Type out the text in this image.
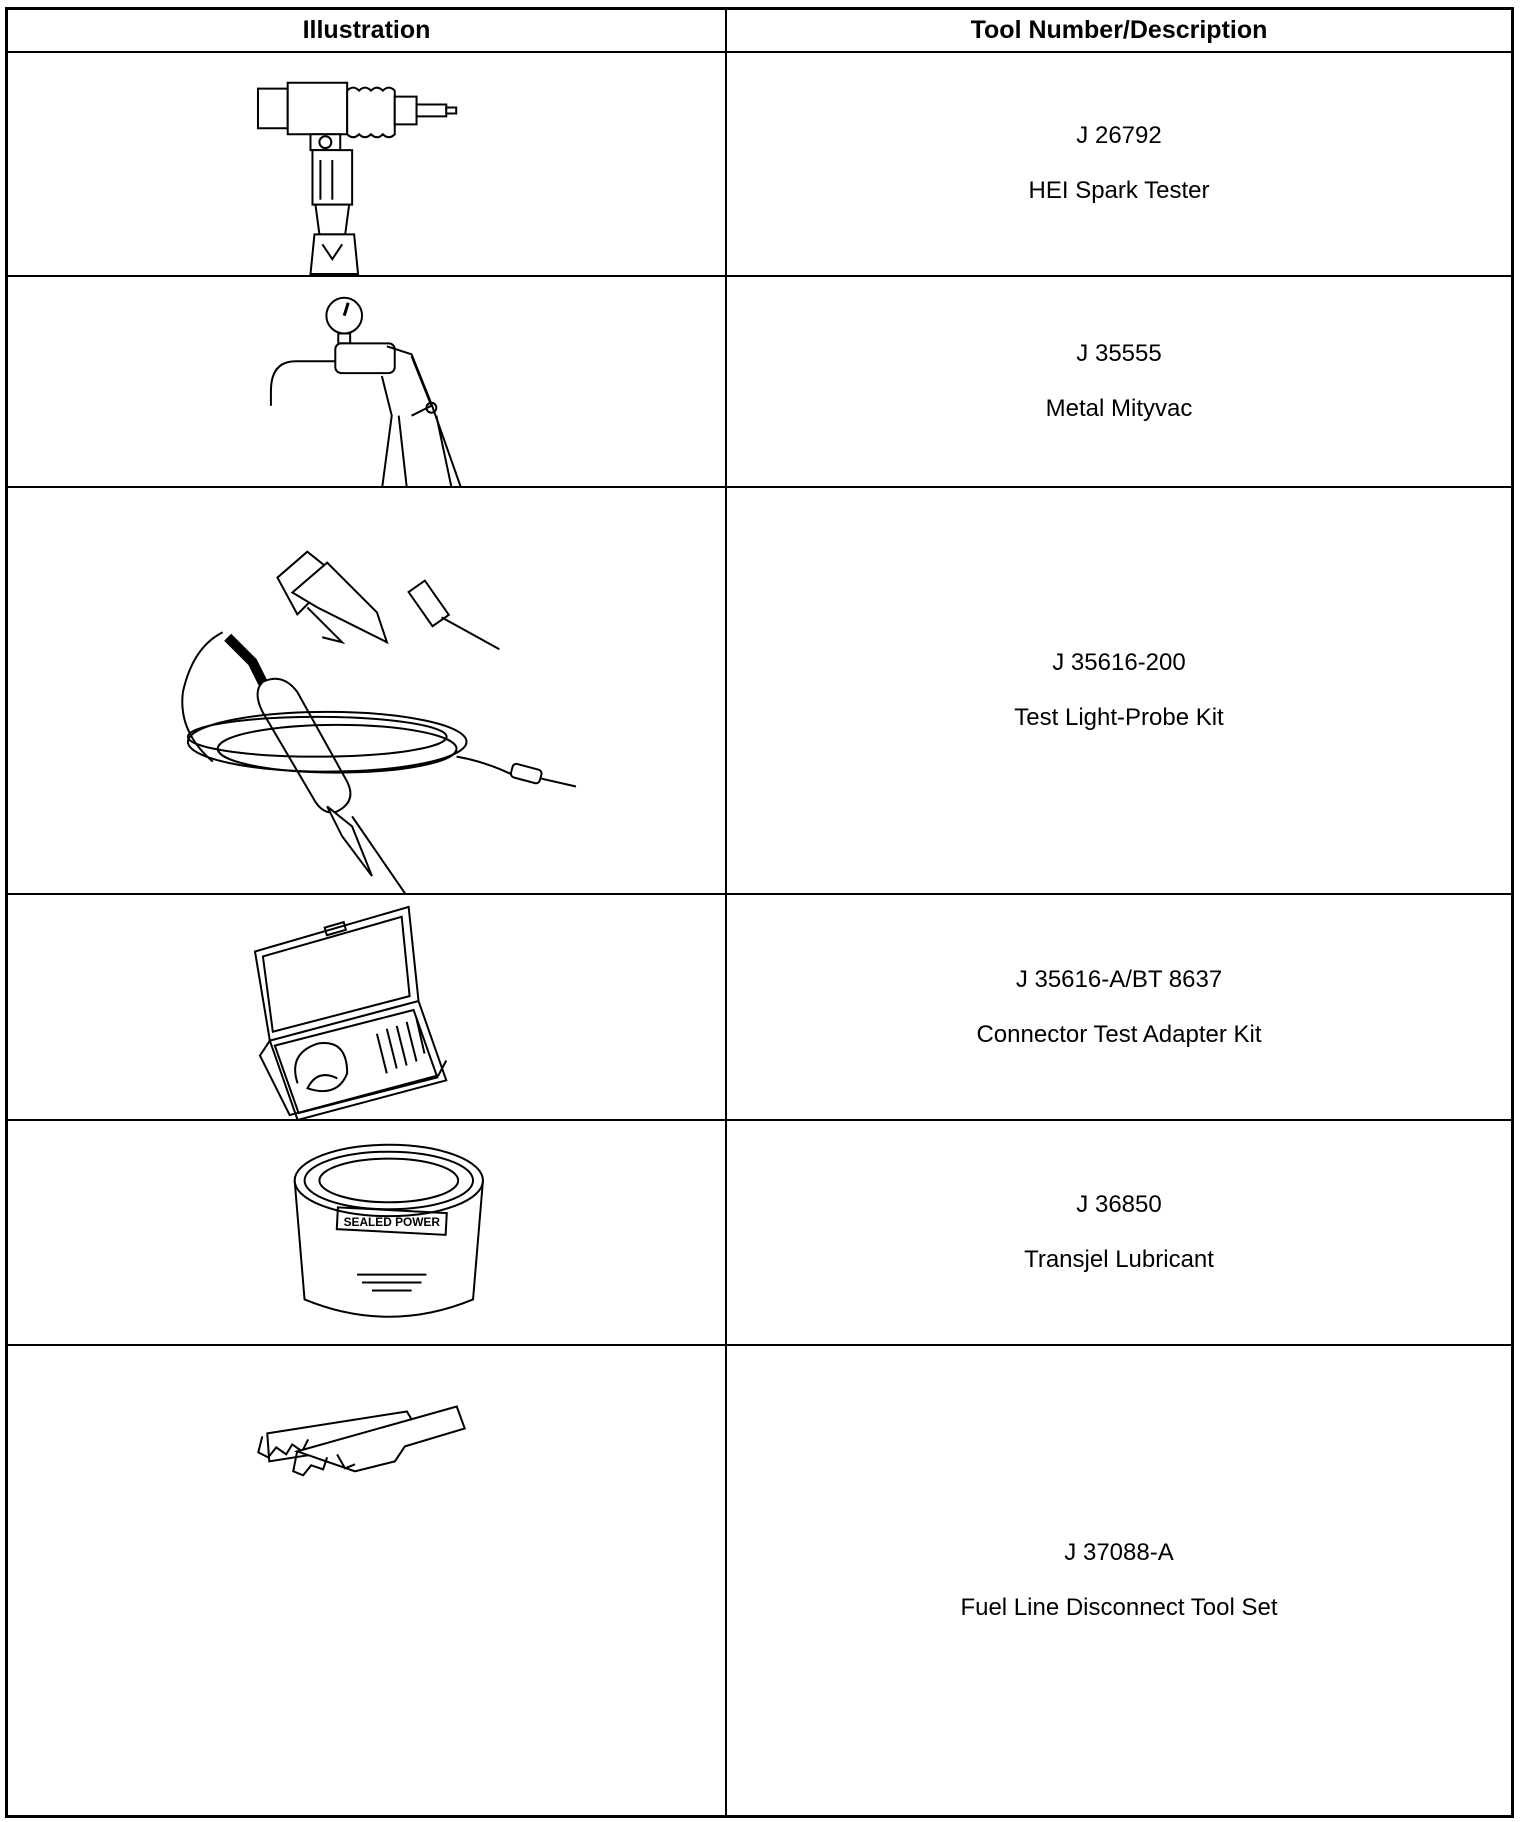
Illustration	Tool Number/Description
J 26792
HEI Spark Tester
J 35555
Metal Mityvac
J 35616-200
Test Light-Probe Kit
J 35616-A/BT 8637
Connector Test Adapter Kit
SEALED POWER
J 36850
Transjel Lubricant
J 37088-A
Fuel Line Disconnect Tool Set
